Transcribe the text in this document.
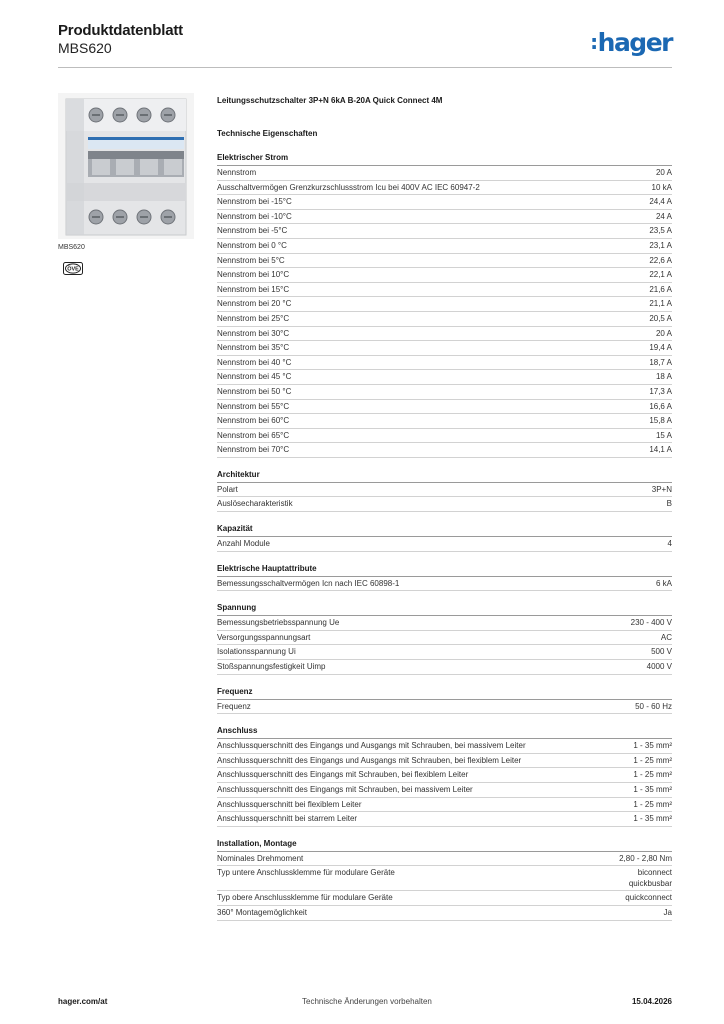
Produktdatenblatt
MBS620	:hager
MBS620
ÖVE
Leitungsschutzschalter 3P+N 6kA B-20A Quick Connect 4M
Technische Eigenschaften
Elektrischer Strom
Nennstrom	20 A
Ausschaltvermögen Grenzkurzschlussstrom Icu bei 400V AC IEC 60947-2	10 kA
Nennstrom bei -15°C	24,4 A
Nennstrom bei -10°C	24 A
Nennstrom bei -5°C	23,5 A
Nennstrom bei 0 °C	23,1 A
Nennstrom bei 5°C	22,6 A
Nennstrom bei 10°C	22,1 A
Nennstrom bei 15°C	21,6 A
Nennstrom bei 20 °C	21,1 A
Nennstrom bei 25°C	20,5 A
Nennstrom bei 30°C	20 A
Nennstrom bei 35°C	19,4 A
Nennstrom bei 40 °C	18,7 A
Nennstrom bei 45 °C	18 A
Nennstrom bei 50 °C	17,3 A
Nennstrom bei 55°C	16,6 A
Nennstrom bei 60°C	15,8 A
Nennstrom bei 65°C	15 A
Nennstrom bei 70°C	14,1 A
Architektur
Polart	3P+N
Auslösecharakteristik	B
Kapazität
Anzahl Module	4
Elektrische Hauptattribute
Bemessungsschaltvermögen Icn nach IEC 60898-1	6 kA
Spannung
Bemessungsbetriebsspannung Ue	230 - 400 V
Versorgungsspannungsart	AC
Isolationsspannung Ui	500 V
Stoßspannungsfestigkeit Uimp	4000 V
Frequenz
Frequenz	50 - 60 Hz
Anschluss
Anschlussquerschnitt des Eingangs und Ausgangs mit Schrauben, bei massivem Leiter	1 - 35 mm²
Anschlussquerschnitt des Eingangs und Ausgangs mit Schrauben, bei flexiblem Leiter	1 - 25 mm²
Anschlussquerschnitt des Eingangs mit Schrauben, bei flexiblem Leiter	1 - 25 mm²
Anschlussquerschnitt des Eingangs mit Schrauben, bei massivem Leiter	1 - 35 mm²
Anschlussquerschnitt bei flexiblem Leiter	1 - 25 mm²
Anschlussquerschnitt bei starrem Leiter	1 - 35 mm²
Installation, Montage
Nominales Drehmoment	2,80 - 2,80 Nm
Typ untere Anschlussklemme für modulare Geräte	biconnect
quickbusbar
Typ obere Anschlussklemme für modulare Geräte	quickconnect
360° Montagemöglichkeit	Ja
hager.com/at	Technische Änderungen vorbehalten	15.04.2026
